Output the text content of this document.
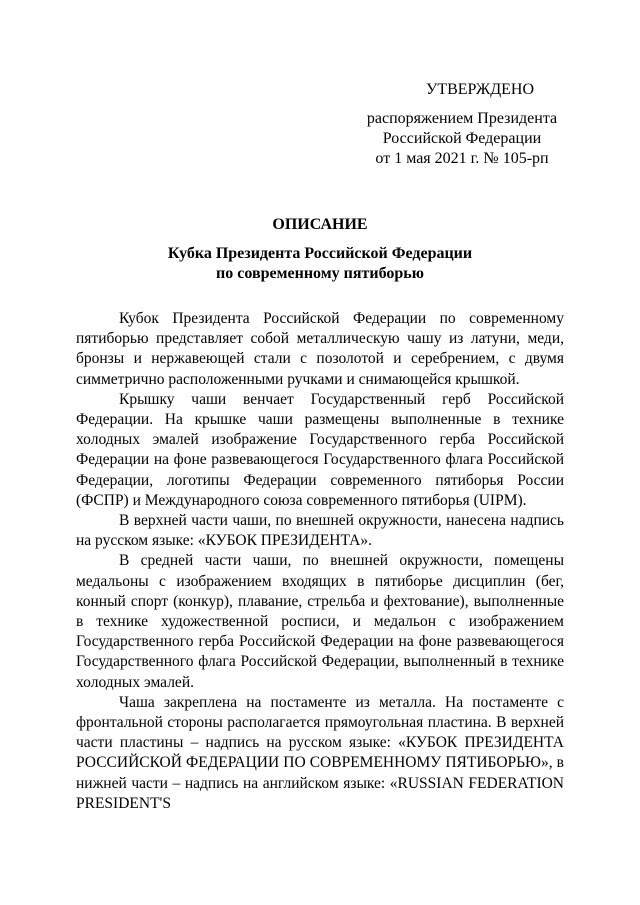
УТВЕРЖДЕНО
распоряжением Президента
Российской Федерации
от 1 мая 2021 г. № 105-рп
ОПИСАНИЕ
Кубка Президента Российской Федерации
по современному пятиборью

Кубок Президента Российской Федерации по современному пятиборью представляет собой металлическую чашу из латуни, меди, бронзы и нержавеющей стали с позолотой и серебрением, с двумя симметрично расположенными ручками и снимающейся крышкой.

Крышку чаши венчает Государственный герб Российской Федерации. На крышке чаши размещены выполненные в технике холодных эмалей изображение Государственного герба Российской Федерации на фоне развевающегося Государственного флага Российской Федерации, логотипы Федерации современного пятиборья России (ФСПР) и Международного союза современного пятиборья (UIPM).

В верхней части чаши, по внешней окружности, нанесена надпись на русском языке: «КУБОК ПРЕЗИДЕНТА».

В средней части чаши, по внешней окружности, помещены медальоны с изображением входящих в пятиборье дисциплин (бег, конный спорт (конкур), плавание, стрельба и фехтование), выполненные в технике художественной росписи, и медальон с изображением Государственного герба Российской Федерации на фоне развевающегося Государственного флага Российской Федерации, выполненный в технике холодных эмалей.

Чаша закреплена на постаменте из металла. На постаменте с фронтальной стороны располагается прямоугольная пластина. В верхней части пластины – надпись на русском языке: «КУБОК ПРЕЗИДЕНТА РОССИЙСКОЙ ФЕДЕРАЦИИ ПО СОВРЕМЕННОМУ ПЯТИБОРЬЮ», в нижней части – надпись на английском языке: «RUSSIAN FEDERATION PRESIDENT'S
